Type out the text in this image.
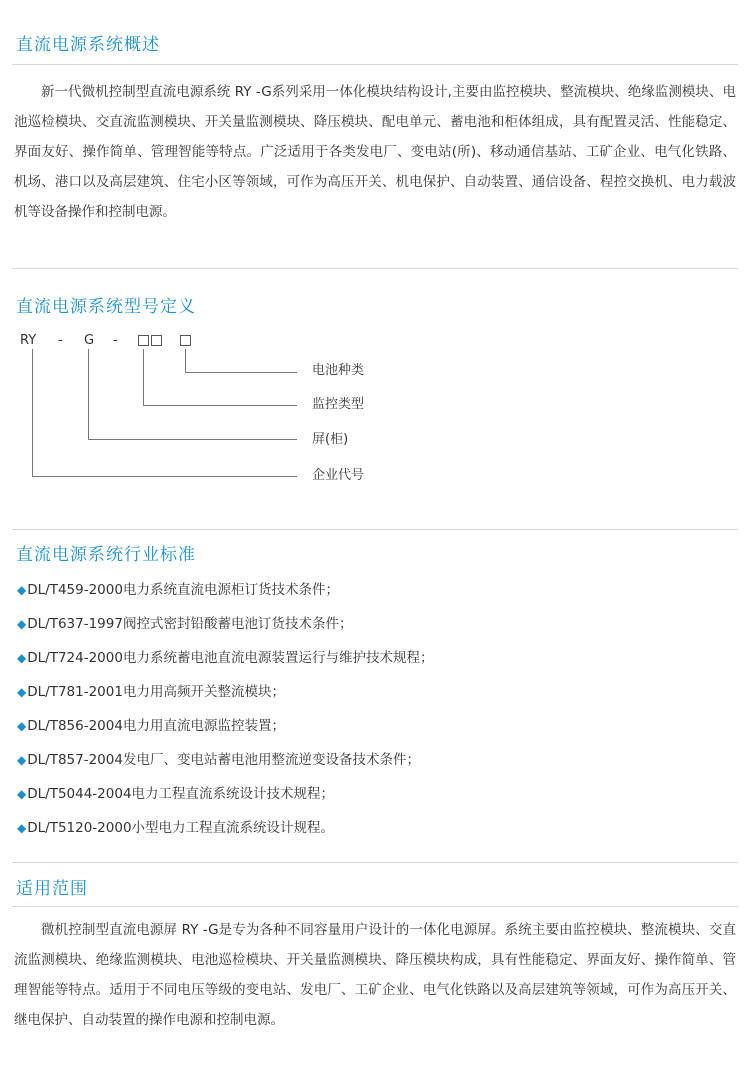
直流电源系统概述

新一代微机控制型直流电源系统 RY -G系列采用一体化模块结构设计,主要由监控模块、整流模块、绝缘监测模块、电池巡检模块、交直流监测模块、开关量监测模块、降压模块、配电单元、蓄电池和柜体组成，具有配置灵活、性能稳定、界面友好、操作简单、管理智能等特点。广泛适用于各类发电厂、变电站(所)、移动通信基站、工矿企业、电气化铁路、机场、港口以及高层建筑、住宅小区等领域，可作为高压开关、机电保护、自动装置、通信设备、程控交换机、电力载波机等设备操作和控制电源。

直流电源系统型号定义
RY - G -
电池种类
监控类型
屏(柜)
企业代号
直流电源系统行业标准
◆DL/T459-2000电力系统直流电源柜订货技术条件；
◆DL/T637-1997阀控式密封铅酸蓄电池订货技术条件；
◆DL/T724-2000电力系统蓄电池直流电源装置运行与维护技术规程；
◆DL/T781-2001电力用高频开关整流模块；
◆DL/T856-2004电力用直流电源监控装置；
◆DL/T857-2004发电厂、变电站蓄电池用整流逆变设备技术条件；
◆DL/T5044-2004电力工程直流系统设计技术规程；
◆DL/T5120-2000小型电力工程直流系统设计规程。
适用范围

微机控制型直流电源屏 RY -G是专为各种不同容量用户设计的一体化电源屏。系统主要由监控模块、整流模块、交直流监测模块、绝缘监测模块、电池巡检模块、开关量监测模块、降压模块构成，具有性能稳定、界面友好、操作简单、管理智能等特点。适用于不同电压等级的变电站、发电厂、工矿企业、电气化铁路以及高层建筑等领域，可作为高压开关、继电保护、自动装置的操作电源和控制电源。
